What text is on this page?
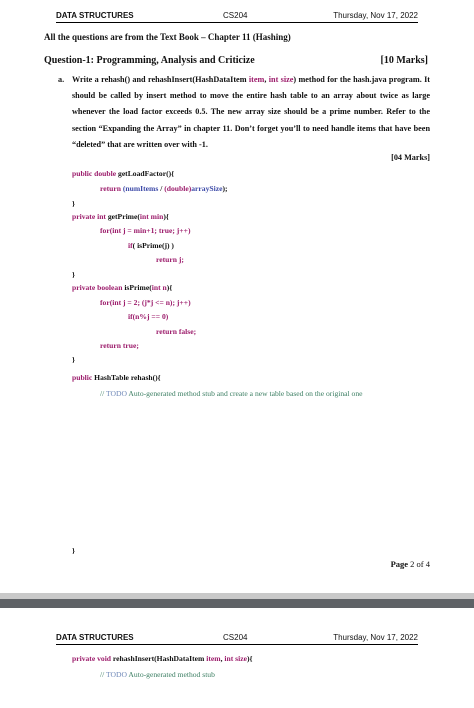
DATA STRUCTURES	CS204	Thursday, Nov 17, 2022
All the questions are from the Text Book – Chapter 11 (Hashing)
Question-1: Programming, Analysis and Criticize	[10 Marks]
a. Write a rehash() and rehashInsert(HashDataItem item, int size) method for the hash.java program. It should be called by insert method to move the entire hash table to an array about twice as large whenever the load factor exceeds 0.5. The new array size should be a prime number. Refer to the section “Expanding the Array” in chapter 11. Don’t forget you’ll to need handle items that have been “deleted” that are written over with -1.
[04 Marks]
public double getLoadFactor(){
return (numItems / (double)arraySize);
}
private int getPrime(int min){
for(int j = min+1; true; j++)
if( isPrime(j) )
return j;
}
private boolean isPrime(int n){
for(int j = 2; (j*j <= n); j++)
if(n%j == 0)
return false;
return true;
}
public HashTable rehash(){
// TODO Auto-generated method stub and create a new table based on the original one
}
Page 2 of 4
DATA STRUCTURES	CS204	Thursday, Nov 17, 2022
private void rehashInsert(HashDataItem item, int size){
// TODO Auto-generated method stub
